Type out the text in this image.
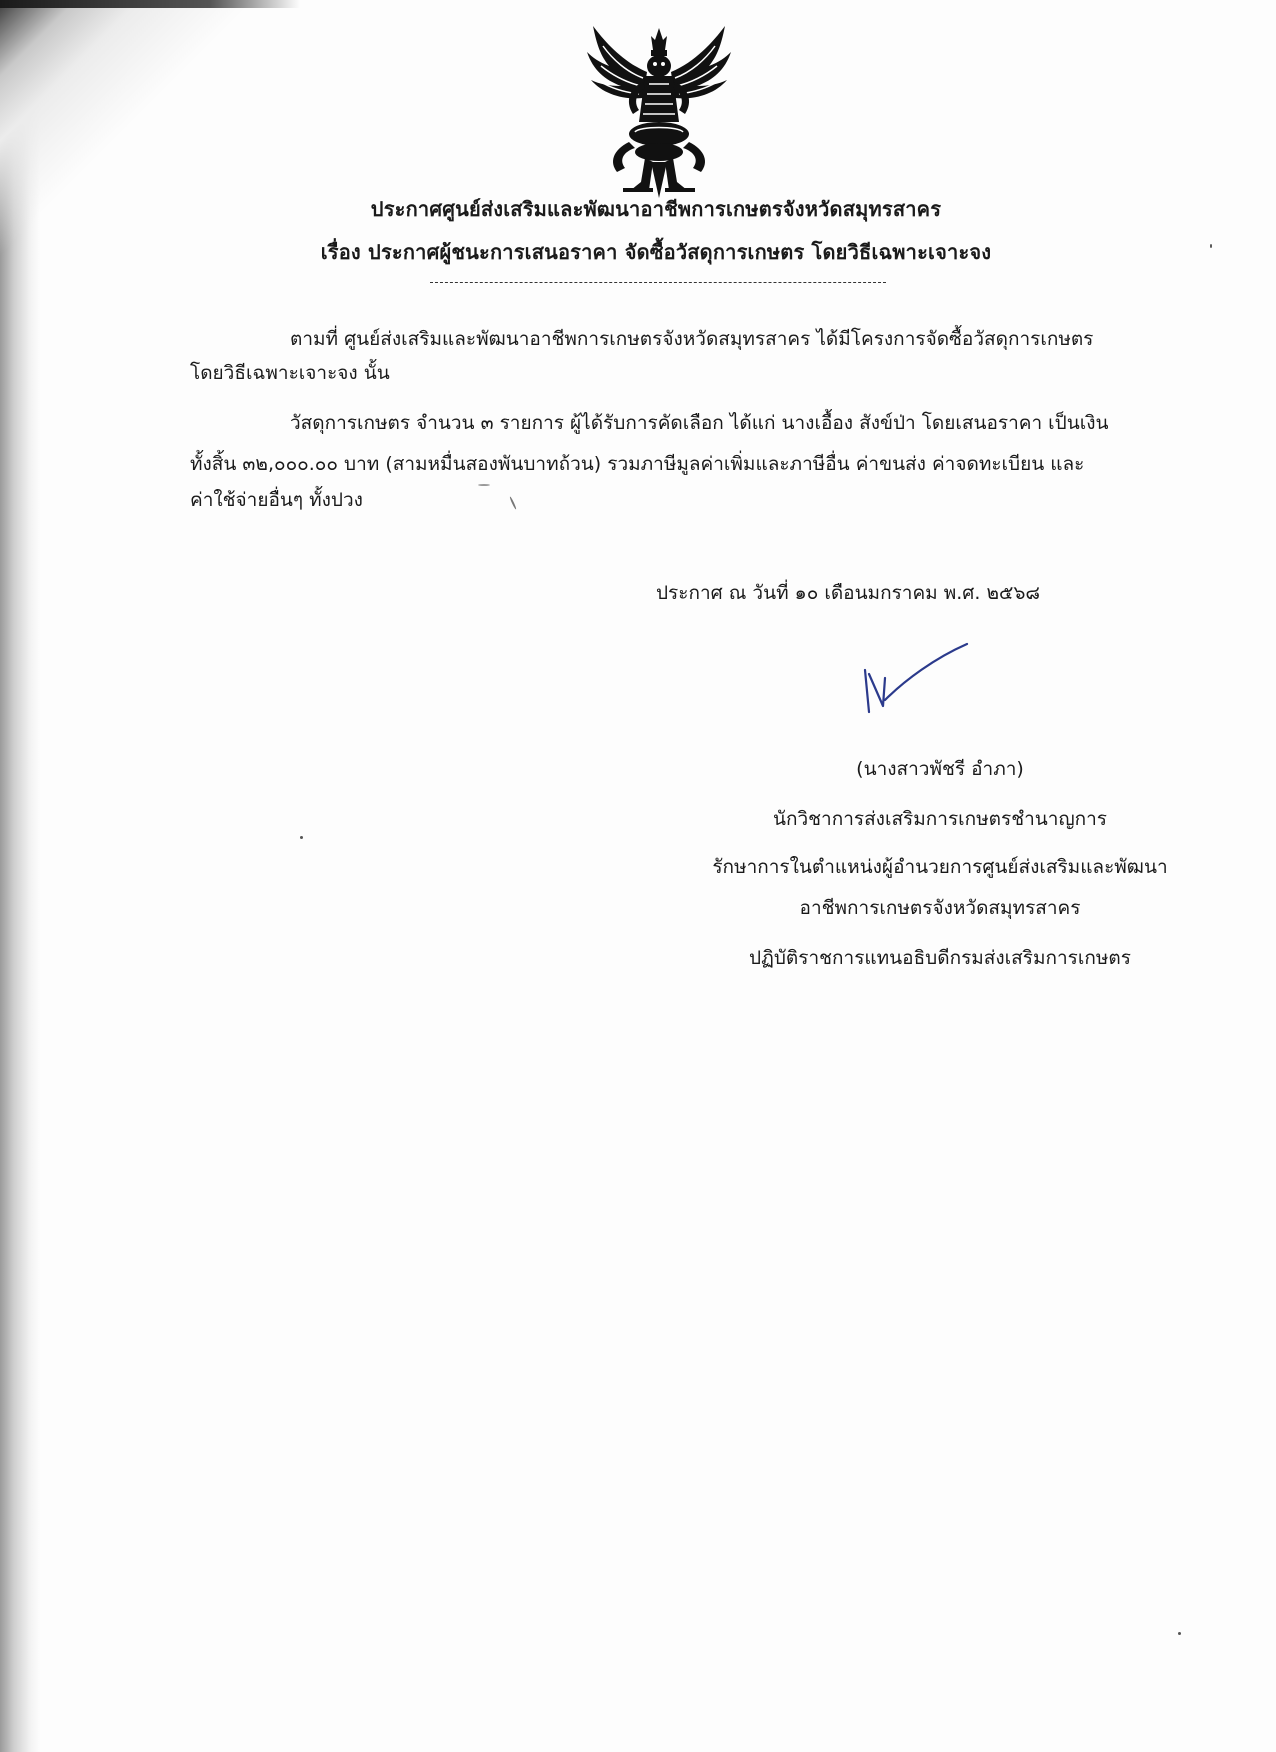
ประกาศศูนย์ส่งเสริมและพัฒนาอาชีพการเกษตรจังหวัดสมุทรสาคร
เรื่อง ประกาศผู้ชนะการเสนอราคา จัดซื้อวัสดุการเกษตร โดยวิธีเฉพาะเจาะจง
ตามที่ ศูนย์ส่งเสริมและพัฒนาอาชีพการเกษตรจังหวัดสมุทรสาคร ได้มีโครงการจัดซื้อวัสดุการเกษตร
โดยวิธีเฉพาะเจาะจง นั้น
วัสดุการเกษตร จำนวน ๓ รายการ ผู้ได้รับการคัดเลือก ได้แก่ นางเอื้อง สังข์ป่า โดยเสนอราคา เป็นเงิน
ทั้งสิ้น ๓๒,๐๐๐.๐๐ บาท (สามหมื่นสองพันบาทถ้วน) รวมภาษีมูลค่าเพิ่มและภาษีอื่น ค่าขนส่ง ค่าจดทะเบียน และ
ค่าใช้จ่ายอื่นๆ ทั้งปวง
ประกาศ ณ วันที่ ๑๐ เดือนมกราคม พ.ศ. ๒๕๖๘
(นางสาวพัชรี อำภา)
นักวิชาการส่งเสริมการเกษตรชำนาญการ
รักษาการในตำแหน่งผู้อำนวยการศูนย์ส่งเสริมและพัฒนา
อาชีพการเกษตรจังหวัดสมุทรสาคร
ปฏิบัติราชการแทนอธิบดีกรมส่งเสริมการเกษตร
